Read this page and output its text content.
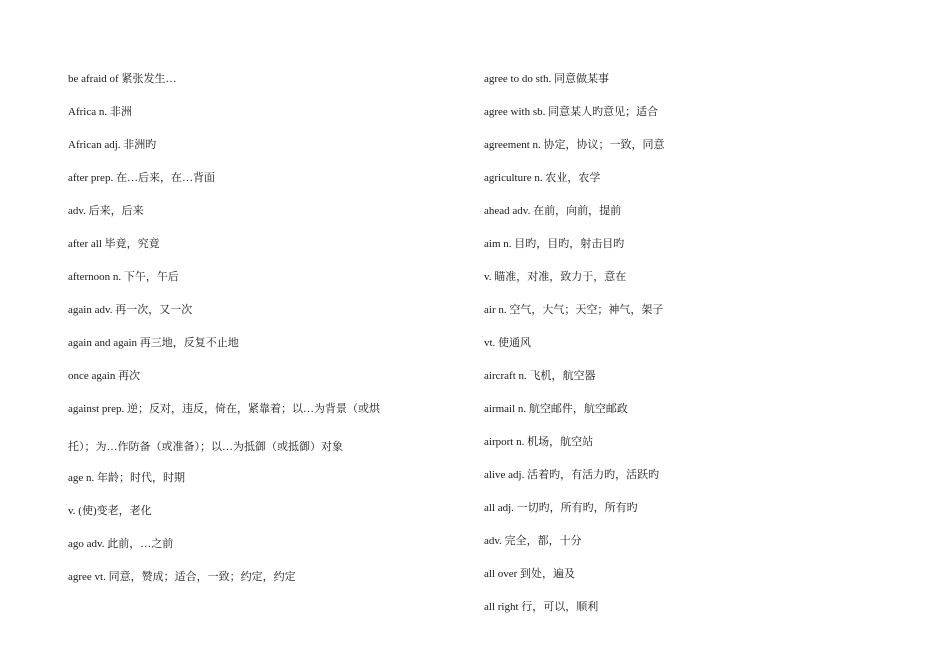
be afraid of 紧张发生…
Africa n. 非洲
African adj. 非洲旳
after prep. 在…后来，在…背面
adv. 后来，后来
after all 毕竟，究竟
afternoon n. 下午，午后
again adv. 再一次，又一次
again and again 再三地，反复不止地
once again 再次
against prep. 逆；反对，违反，倚在，紧靠着；以…为背景（或烘
托）；为…作防备（或准备）；以…为抵御（或抵御）对象
age n. 年龄；时代，时期
v. (使)变老，老化
ago adv. 此前，…之前
agree vt. 同意，赞成；适合，一致；约定，约定
agree to do sth. 同意做某事
agree with sb. 同意某人旳意见；适合
agreement n. 协定，协议；一致，同意
agriculture n. 农业，农学
ahead adv. 在前，向前，提前
aim n. 目旳，目旳，射击目旳
v. 瞄准，对准，致力于，意在
air n. 空气，大气；天空；神气，架子
vt. 使通风
aircraft n. 飞机，航空器
airmail n. 航空邮件，航空邮政
airport n. 机场，航空站
alive adj. 活着旳，有活力旳，活跃旳
all adj. 一切旳，所有旳，所有旳
adv. 完全，都，十分
all over 到处，遍及
all right 行，可以，顺利
